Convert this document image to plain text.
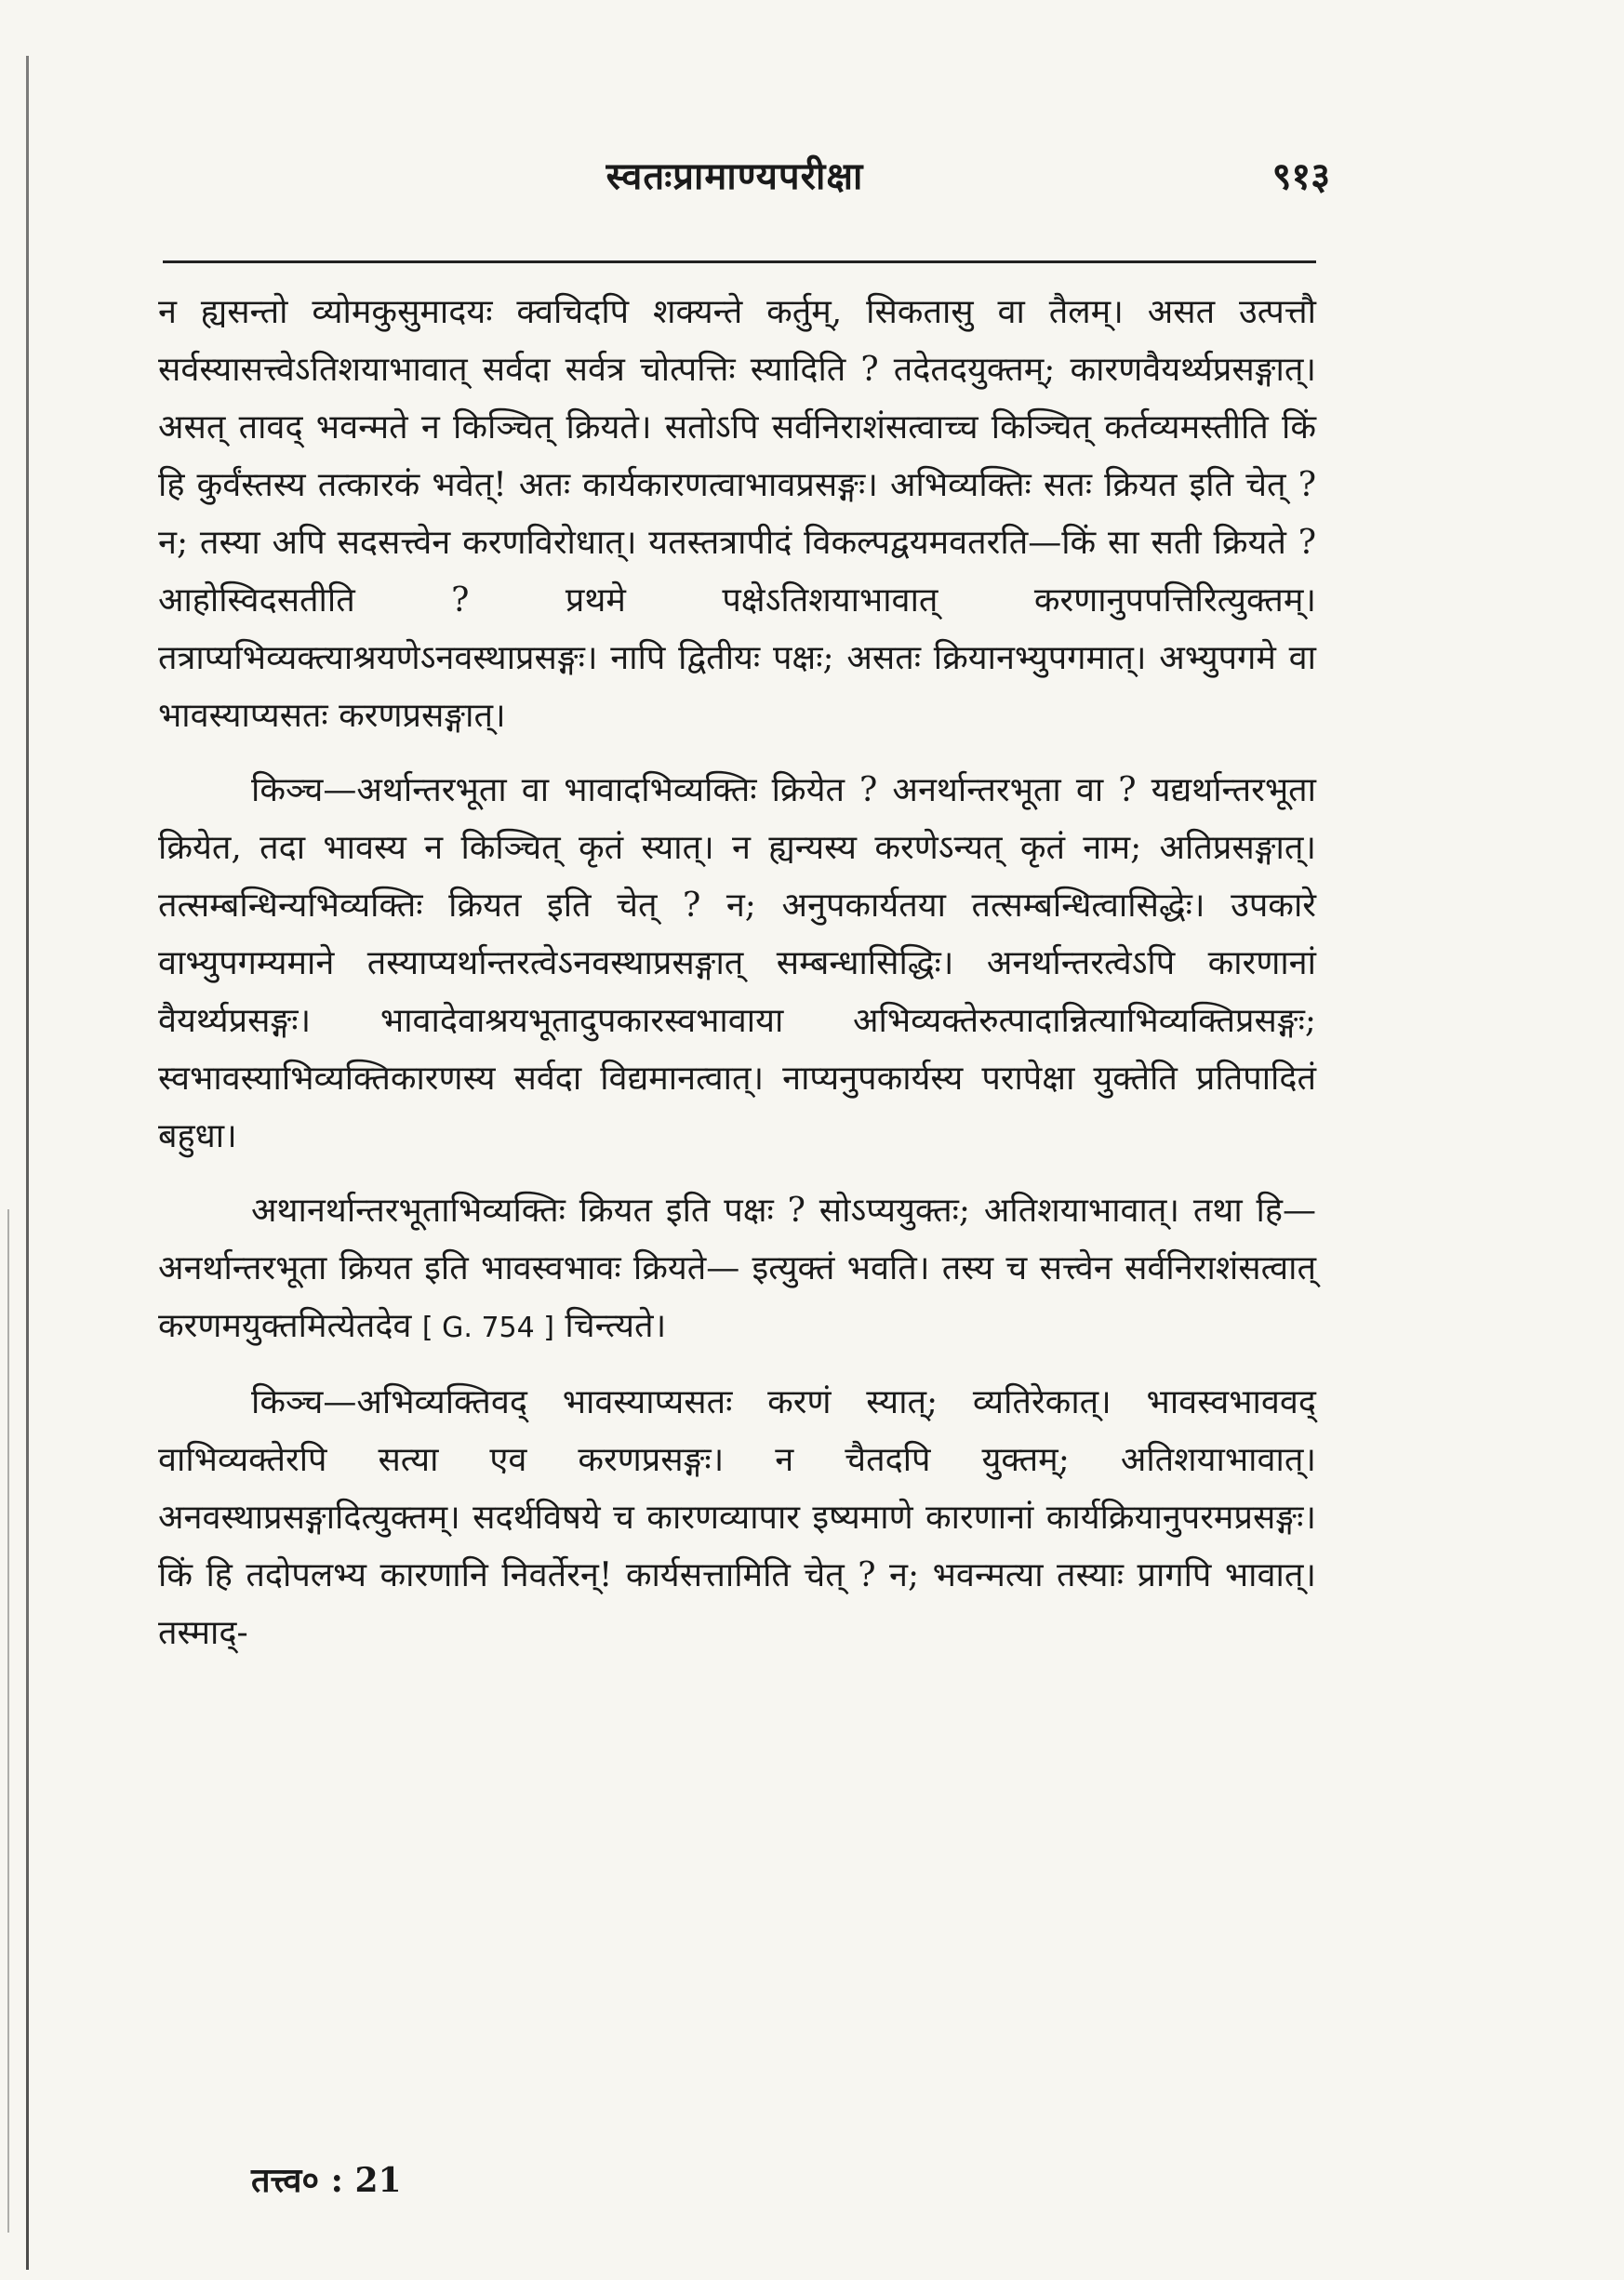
स्वतःप्रामाण्यपरीक्षा	९१३

न ह्यसन्तो व्योमकुसुमादयः क्वचिदपि शक्यन्ते कर्तुम्, सिकतासु वा तैलम्। असत उत्पत्तौ सर्वस्यासत्त्वेऽतिशयाभावात् सर्वदा सर्वत्र चोत्पत्तिः स्यादिति ? तदेतदयुक्तम्; कारणवैयर्थ्यप्रसङ्गात्। असत् तावद् भवन्मते न किञ्चित् क्रियते। सतोऽपि सर्वनिराशंसत्वाच्च किञ्चित् कर्तव्यमस्तीति किं हि कुर्वंस्तस्य तत्कारकं भवेत्! अतः कार्यकारणत्वाभावप्रसङ्गः। अभिव्यक्तिः सतः क्रियत इति चेत् ? न; तस्या अपि सदसत्त्वेन करणविरोधात्। यतस्तत्रापीदं विकल्पद्वयमवतरति—किं सा सती क्रियते ? आहोस्विदसतीति ? प्रथमे पक्षेऽतिशयाभावात् करणानुपपत्तिरित्युक्तम्। तत्राप्यभिव्यक्त्याश्रयणेऽनवस्थाप्रसङ्गः। नापि द्वितीयः पक्षः; असतः क्रियानभ्युपगमात्। अभ्युपगमे वा भावस्याप्यसतः करणप्रसङ्गात्।

किञ्च—अर्थान्तरभूता वा भावादभिव्यक्तिः क्रियेत ? अनर्थान्तरभूता वा ? यद्यर्थान्तरभूता क्रियेत, तदा भावस्य न किञ्चित् कृतं स्यात्। न ह्यन्यस्य करणेऽन्यत् कृतं नाम; अतिप्रसङ्गात्। तत्सम्बन्धिन्यभिव्यक्तिः क्रियत इति चेत् ? न; अनुपकार्यतया तत्सम्बन्धित्वासिद्धेः। उपकारे वाभ्युपगम्यमाने तस्याप्यर्थान्तरत्वेऽनवस्थाप्रसङ्गात् सम्बन्धासिद्धिः। अनर्थान्तरत्वेऽपि कारणानां वैयर्थ्यप्रसङ्गः। भावादेवाश्रयभूतादुपकारस्वभावाया अभिव्यक्तेरुत्पादान्नित्याभिव्यक्तिप्रसङ्गः; स्वभावस्याभिव्यक्तिकारणस्य सर्वदा विद्यमानत्वात्। नाप्यनुपकार्यस्य परापेक्षा युक्तेति प्रतिपादितं बहुधा।

अथानर्थान्तरभूताभिव्यक्तिः क्रियत इति पक्षः ? सोऽप्ययुक्तः; अतिशयाभावात्। तथा हि—अनर्थान्तरभूता क्रियत इति भावस्वभावः क्रियते— इत्युक्तं भवति। तस्य च सत्त्वेन सर्वनिराशंसत्वात् करणमयुक्तमित्येतदेव [ G. 754 ] चिन्त्यते।

किञ्च—अभिव्यक्तिवद् भावस्याप्यसतः करणं स्यात्; व्यतिरेकात्। भावस्वभाववद् वाभिव्यक्तेरपि सत्या एव करणप्रसङ्गः। न चैतदपि युक्तम्; अतिशयाभावात्। अनवस्थाप्रसङ्गादित्युक्तम्। सदर्थविषये च कारणव्यापार इष्यमाणे कारणानां कार्यक्रियानुपरमप्रसङ्गः। किं हि तदोपलभ्य कारणानि निवर्तेरन्! कार्यसत्तामिति चेत् ? न; भवन्मत्या तस्याः प्रागपि भावात्। तस्माद्-

तत्त्व० : 21
